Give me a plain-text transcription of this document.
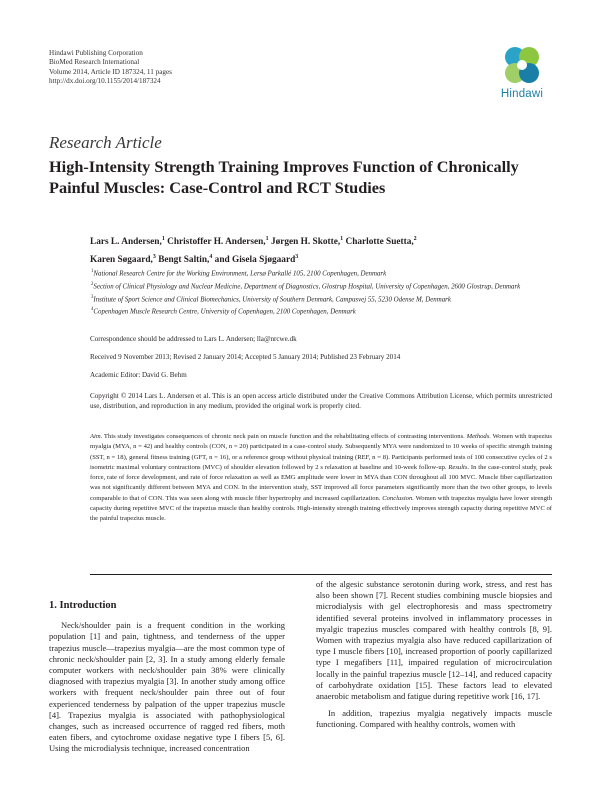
Hindawi Publishing Corporation
BioMed Research International
Volume 2014, Article ID 187324, 11 pages
http://dx.doi.org/10.1155/2014/187324
Hindawi
Research Article
High-Intensity Strength Training Improves Function of Chronically Painful Muscles: Case-Control and RCT Studies
Lars L. Andersen,$^1$ Christoffer H. Andersen,$^1$ Jørgen H. Skotte,$^1$ Charlotte Suetta,$^2$
Karen Søgaard,$^3$ Bengt Saltin,$^4$ and Gisela Sjøgaard$^3$
$^1$National Research Centre for the Working Environment, Lersø Parkallé 105, 2100 Copenhagen, Denmark
$^2$Section of Clinical Physiology and Nuclear Medicine, Department of Diagnostics, Glostrup Hospital, University of Copenhagen, 2600 Glostrup, Denmark
$^3$Institute of Sport Science and Clinical Biomechanics, University of Southern Denmark, Campusvej 55, 5230 Odense M, Denmark
$^4$Copenhagen Muscle Research Centre, University of Copenhagen, 2100 Copenhagen, Denmark
Correspondence should be addressed to Lars L. Andersen; lla@nrcwe.dk
Received 9 November 2013; Revised 2 January 2014; Accepted 5 January 2014; Published 23 February 2014
Academic Editor: David G. Behm
Copyright © 2014 Lars L. Andersen et al. This is an open access article distributed under the Creative Commons Attribution License, which permits unrestricted use, distribution, and reproduction in any medium, provided the original work is properly cited.
Aim. This study investigates consequences of chronic neck pain on muscle function and the rehabilitating effects of contrasting interventions. Methods. Women with trapezius myalgia (MYA, n = 42) and healthy controls (CON, n = 20) participated in a case-control study. Subsequently MYA were randomized to 10 weeks of specific strength training (SST, n = 18), general fitness training (GFT, n = 16), or a reference group without physical training (REF, n = 8). Participants performed tests of 100 consecutive cycles of 2 s isometric maximal voluntary contractions (MVC) of shoulder elevation followed by 2 s relaxation at baseline and 10-week follow-up. Results. In the case-control study, peak force, rate of force development, and rate of force relaxation as well as EMG amplitude were lower in MYA than CON throughout all 100 MVC. Muscle fiber capillarization was not significantly different between MYA and CON. In the intervention study, SST improved all force parameters significantly more than the two other groups, to levels comparable to that of CON. This was seen along with muscle fiber hypertrophy and increased capillarization. Conclusion. Women with trapezius myalgia have lower strength capacity during repetitive MVC of the trapezius muscle than healthy controls. High-intensity strength training effectively improves strength capacity during repetitive MVC of the painful trapezius muscle.
1. Introduction
Neck/shoulder pain is a frequent condition in the working population [1] and pain, tightness, and tenderness of the upper trapezius muscle—trapezius myalgia—are the most common type of chronic neck/shoulder pain [2, 3]. In a study among elderly female computer workers with neck/shoulder pain 38% were clinically diagnosed with trapezius myalgia [3]. In another study among office workers with frequent neck/shoulder pain three out of four experienced tenderness by palpation of the upper trapezius muscle [4]. Trapezius myalgia is associated with pathophysiological changes, such as increased occurrence of ragged red fibers, moth eaten fibers, and cytochrome oxidase negative type I fibers [5, 6]. Using the microdialysis technique, increased concentration
of the algesic substance serotonin during work, stress, and rest has also been shown [7]. Recent studies combining muscle biopsies and microdialysis with gel electrophoresis and mass spectrometry identified several proteins involved in inflammatory processes in myalgic trapezius muscles compared with healthy controls [8, 9]. Women with trapezius myalgia also have reduced capillarization of type I muscle fibers [10], increased proportion of poorly capillarized type I megafibers [11], impaired regulation of microcirculation locally in the painful trapezius muscle [12–14], and reduced capacity of carbohydrate oxidation [15]. These factors lead to elevated anaerobic metabolism and fatigue during repetitive work [16, 17].
In addition, trapezius myalgia negatively impacts muscle functioning. Compared with healthy controls, women with
